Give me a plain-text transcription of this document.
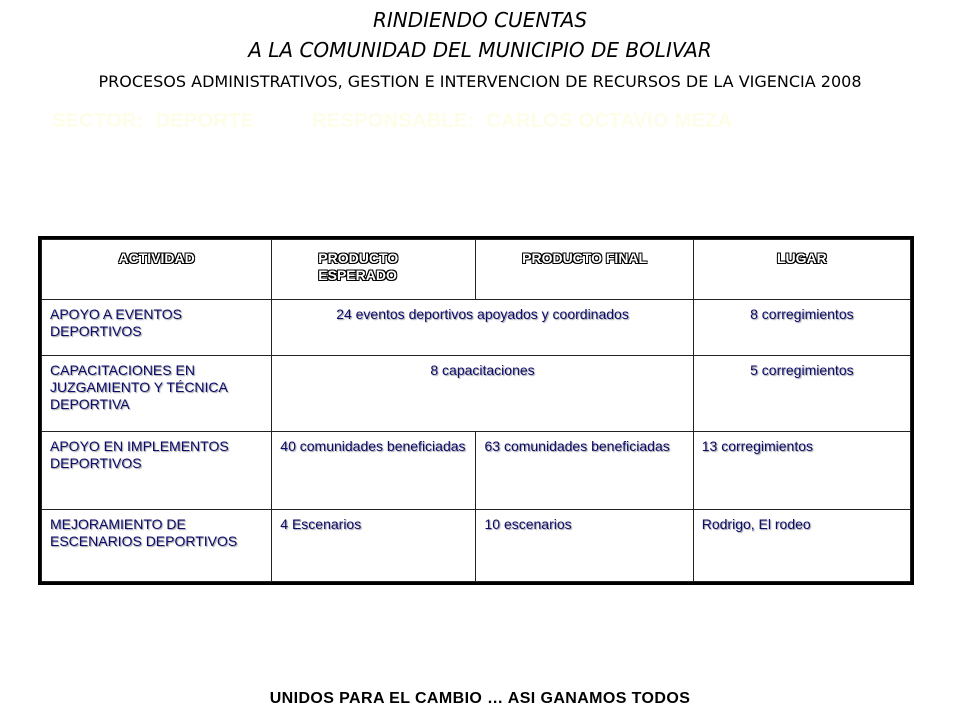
RINDIENDO CUENTAS
A LA COMUNIDAD DEL MUNICIPIO DE BOLIVAR
PROCESOS ADMINISTRATIVOS, GESTION E INTERVENCION DE RECURSOS DE LA VIGENCIA 2008
SECTOR: DEPORTE	RESPONSABLE: CARLOS OCTAVIO MEZA
ACTIVIDAD	PRODUCTO ESPERADO	PRODUCTO FINAL	LUGAR
APOYO A EVENTOS DEPORTIVOS	24 eventos deportivos apoyados y coordinados		8 corregimientos
CAPACITACIONES EN JUZGAMIENTO Y TÉCNICA DEPORTIVA	8 capacitaciones		5 corregimientos
APOYO EN IMPLEMENTOS DEPORTIVOS	40 comunidades beneficiadas	63 comunidades beneficiadas	13 corregimientos
MEJORAMIENTO DE ESCENARIOS DEPORTIVOS	4 Escenarios	10 escenarios	Rodrigo, El rodeo
UNIDOS PARA EL CAMBIO … ASI GANAMOS TODOS
